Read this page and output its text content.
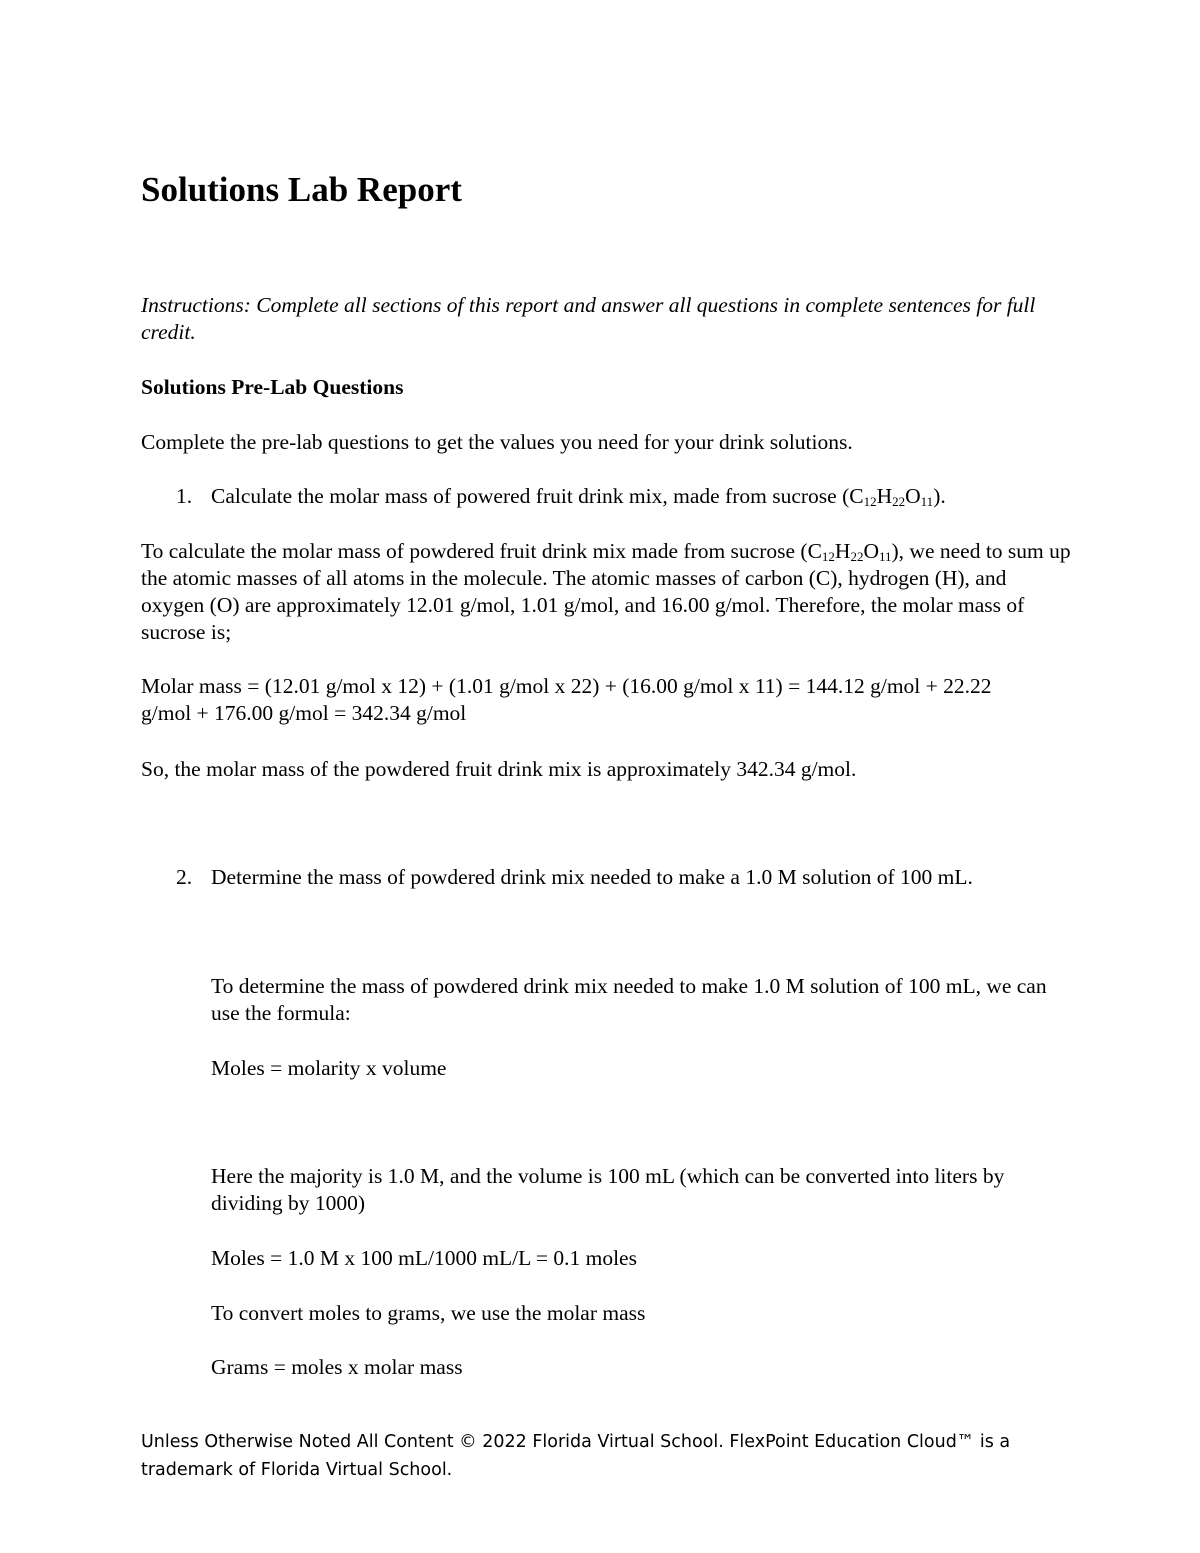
Solutions Lab Report

Instructions: Complete all sections of this report and answer all questions in complete sentences for full credit.

Solutions Pre-Lab Questions

Complete the pre-lab questions to get the values you need for your drink solutions.

1. Calculate the molar mass of powered fruit drink mix, made from sucrose $(C_{12}H_{22}O_{11})$.

To calculate the molar mass of powdered fruit drink mix made from sucrose $(C_{12}H_{22}O_{11})$, we need to sum up the atomic masses of all atoms in the molecule. The atomic masses of carbon (C), hydrogen (H), and oxygen (O) are approximately 12.01 g/mol, 1.01 g/mol, and 16.00 g/mol. Therefore, the molar mass of sucrose is;

Molar mass = (12.01 g/mol x 12) + (1.01 g/mol x 22) + (16.00 g/mol x 11) = 144.12 g/mol + 22.22 g/mol + 176.00 g/mol = 342.34 g/mol

So, the molar mass of the powdered fruit drink mix is approximately 342.34 g/mol.

2. Determine the mass of powdered drink mix needed to make a 1.0 M solution of 100 mL.

To determine the mass of powdered drink mix needed to make 1.0 M solution of 100 mL, we can use the formula:

Moles = molarity x volume

Here the majority is 1.0 M, and the volume is 100 mL (which can be converted into liters by dividing by 1000)

Moles = 1.0 M x 100 mL/1000 mL/L = 0.1 moles

To convert moles to grams, we use the molar mass

Grams = moles x molar mass

Unless Otherwise Noted All Content © 2022 Florida Virtual School. FlexPoint Education Cloud™ is a trademark of Florida Virtual School.
